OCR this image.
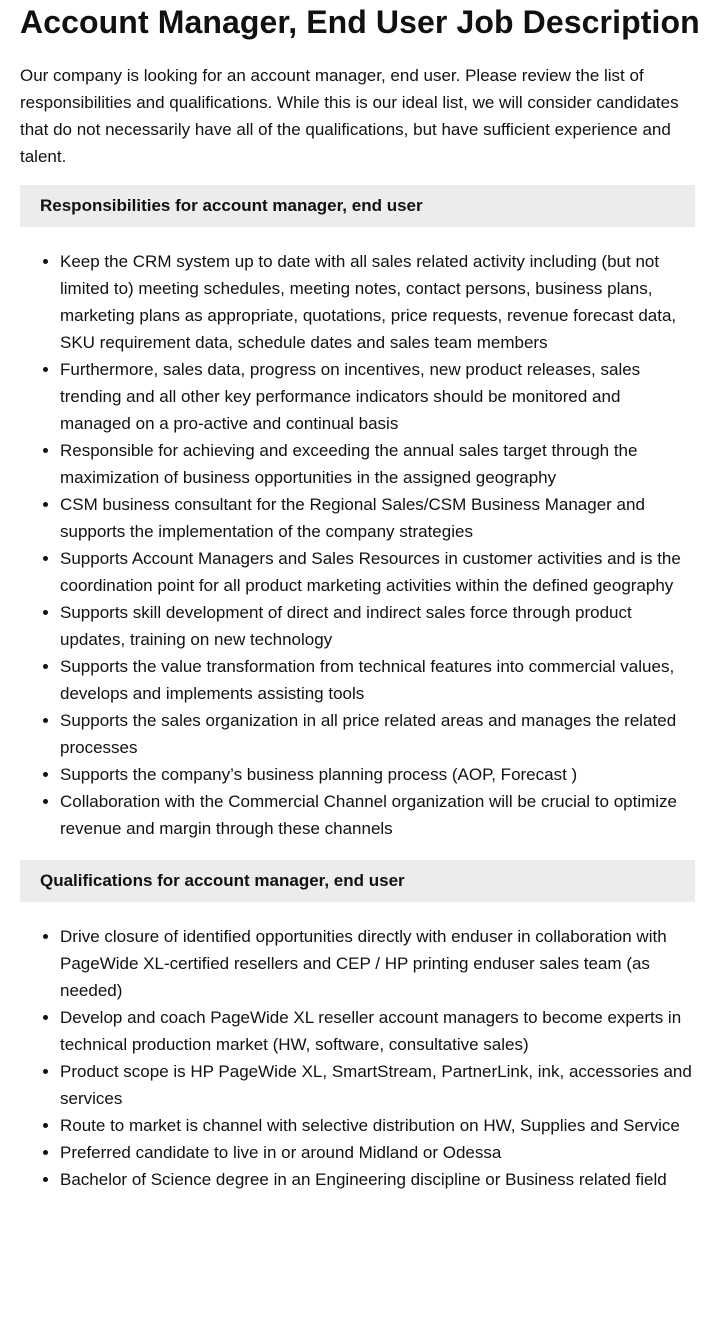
Account Manager, End User Job Description

Our company is looking for an account manager, end user. Please review the list of responsibilities and qualifications. While this is our ideal list, we will consider candidates that do not necessarily have all of the qualifications, but have sufficient experience and talent.

Responsibilities for account manager, end user
• Keep the CRM system up to date with all sales related activity including (but not limited to) meeting schedules, meeting notes, contact persons, business plans, marketing plans as appropriate, quotations, price requests, revenue forecast data, SKU requirement data, schedule dates and sales team members
• Furthermore, sales data, progress on incentives, new product releases, sales trending and all other key performance indicators should be monitored and managed on a pro-active and continual basis
• Responsible for achieving and exceeding the annual sales target through the maximization of business opportunities in the assigned geography
• CSM business consultant for the Regional Sales/CSM Business Manager and supports the implementation of the company strategies
• Supports Account Managers and Sales Resources in customer activities and is the coordination point for all product marketing activities within the defined geography
• Supports skill development of direct and indirect sales force through product updates, training on new technology
• Supports the value transformation from technical features into commercial values, develops and implements assisting tools
• Supports the sales organization in all price related areas and manages the related processes
• Supports the company’s business planning process (AOP, Forecast )
• Collaboration with the Commercial Channel organization will be crucial to optimize revenue and margin through these channels
Qualifications for account manager, end user
• Drive closure of identified opportunities directly with enduser in collaboration with PageWide XL-certified resellers and CEP / HP printing enduser sales team (as needed)
• Develop and coach PageWide XL reseller account managers to become experts in technical production market (HW, software, consultative sales)
• Product scope is HP PageWide XL, SmartStream, PartnerLink, ink, accessories and services
• Route to market is channel with selective distribution on HW, Supplies and Service
• Preferred candidate to live in or around Midland or Odessa
• Bachelor of Science degree in an Engineering discipline or Business related field
